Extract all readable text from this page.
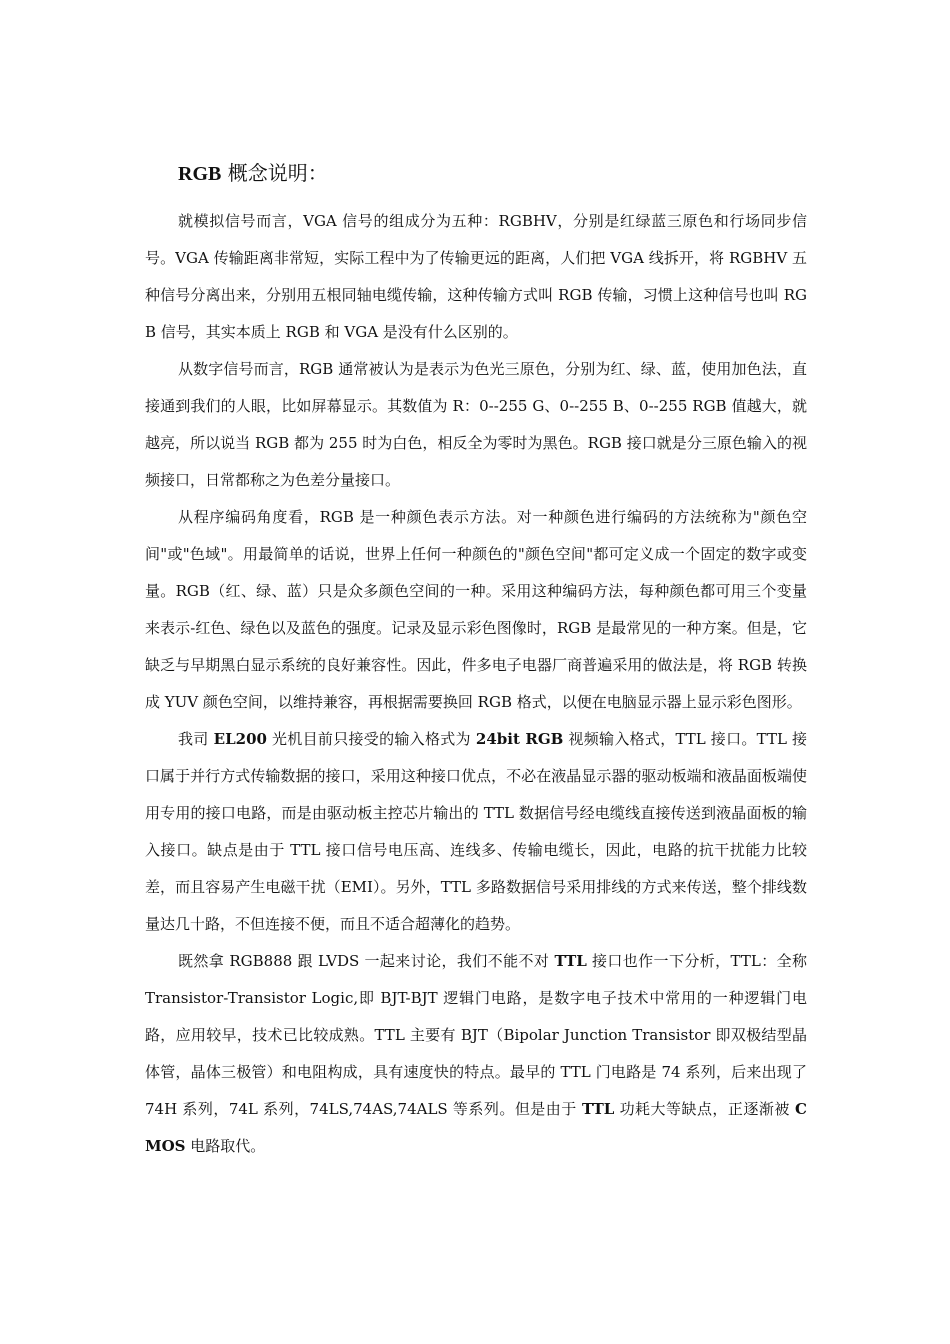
RGB 概念说明：

就模拟信号而言，VGA 信号的组成分为五种：RGBHV，分别是红绿蓝三原色和行场同步信号。VGA 传输距离非常短，实际工程中为了传输更远的距离，人们把 VGA 线拆开，将 RGBHV 五种信号分离出来，分别用五根同轴电缆传输，这种传输方式叫 RGB 传输，习惯上这种信号也叫 RGB 信号，其实本质上 RGB 和 VGA 是没有什么区别的。

从数字信号而言，RGB 通常被认为是表示为色光三原色，分别为红、绿、蓝，使用加色法，直接通到我们的人眼，比如屏幕显示。其数值为 R：0--255 G、0--255 B、0--255 RGB 值越大，就越亮，所以说当 RGB 都为 255 时为白色，相反全为零时为黑色。RGB 接口就是分三原色输入的视频接口，日常都称之为色差分量接口。

从程序编码角度看，RGB 是一种颜色表示方法。对一种颜色进行编码的方法统称为"颜色空间"或"色域"。用最简单的话说，世界上任何一种颜色的"颜色空间"都可定义成一个固定的数字或变量。RGB（红、绿、蓝）只是众多颜色空间的一种。采用这种编码方法，每种颜色都可用三个变量来表示-红色、绿色以及蓝色的强度。记录及显示彩色图像时，RGB 是最常见的一种方案。但是，它缺乏与早期黑白显示系统的良好兼容性。因此，件多电子电器厂商普遍采用的做法是，将 RGB 转换成 YUV 颜色空间，以维持兼容，再根据需要换回 RGB 格式，以便在电脑显示器上显示彩色图形。

我司 EL200 光机目前只接受的输入格式为 24bit RGB 视频输入格式，TTL 接口。TTL 接口属于并行方式传输数据的接口，采用这种接口优点，不必在液晶显示器的驱动板端和液晶面板端使用专用的接口电路，而是由驱动板主控芯片输出的 TTL 数据信号经电缆线直接传送到液晶面板的输入接口。缺点是由于 TTL 接口信号电压高、连线多、传输电缆长，因此，电路的抗干扰能力比较差，而且容易产生电磁干扰（EMI）。另外，TTL 多路数据信号采用排线的方式来传送，整个排线数量达几十路，不但连接不便，而且不适合超薄化的趋势。

既然拿 RGB888 跟 LVDS 一起来讨论，我们不能不对 TTL 接口也作一下分析，TTL：全称 Transistor-Transistor Logic,即 BJT-BJT 逻辑门电路，是数字电子技术中常用的一种逻辑门电路，应用较早，技术已比较成熟。TTL 主要有 BJT（Bipolar Junction Transistor 即双极结型晶体管，晶体三极管）和电阻构成，具有速度快的特点。最早的 TTL 门电路是 74 系列，后来出现了 74H 系列，74L 系列，74LS,74AS,74ALS 等系列。但是由于 TTL 功耗大等缺点，正逐渐被 CMOS 电路取代。
